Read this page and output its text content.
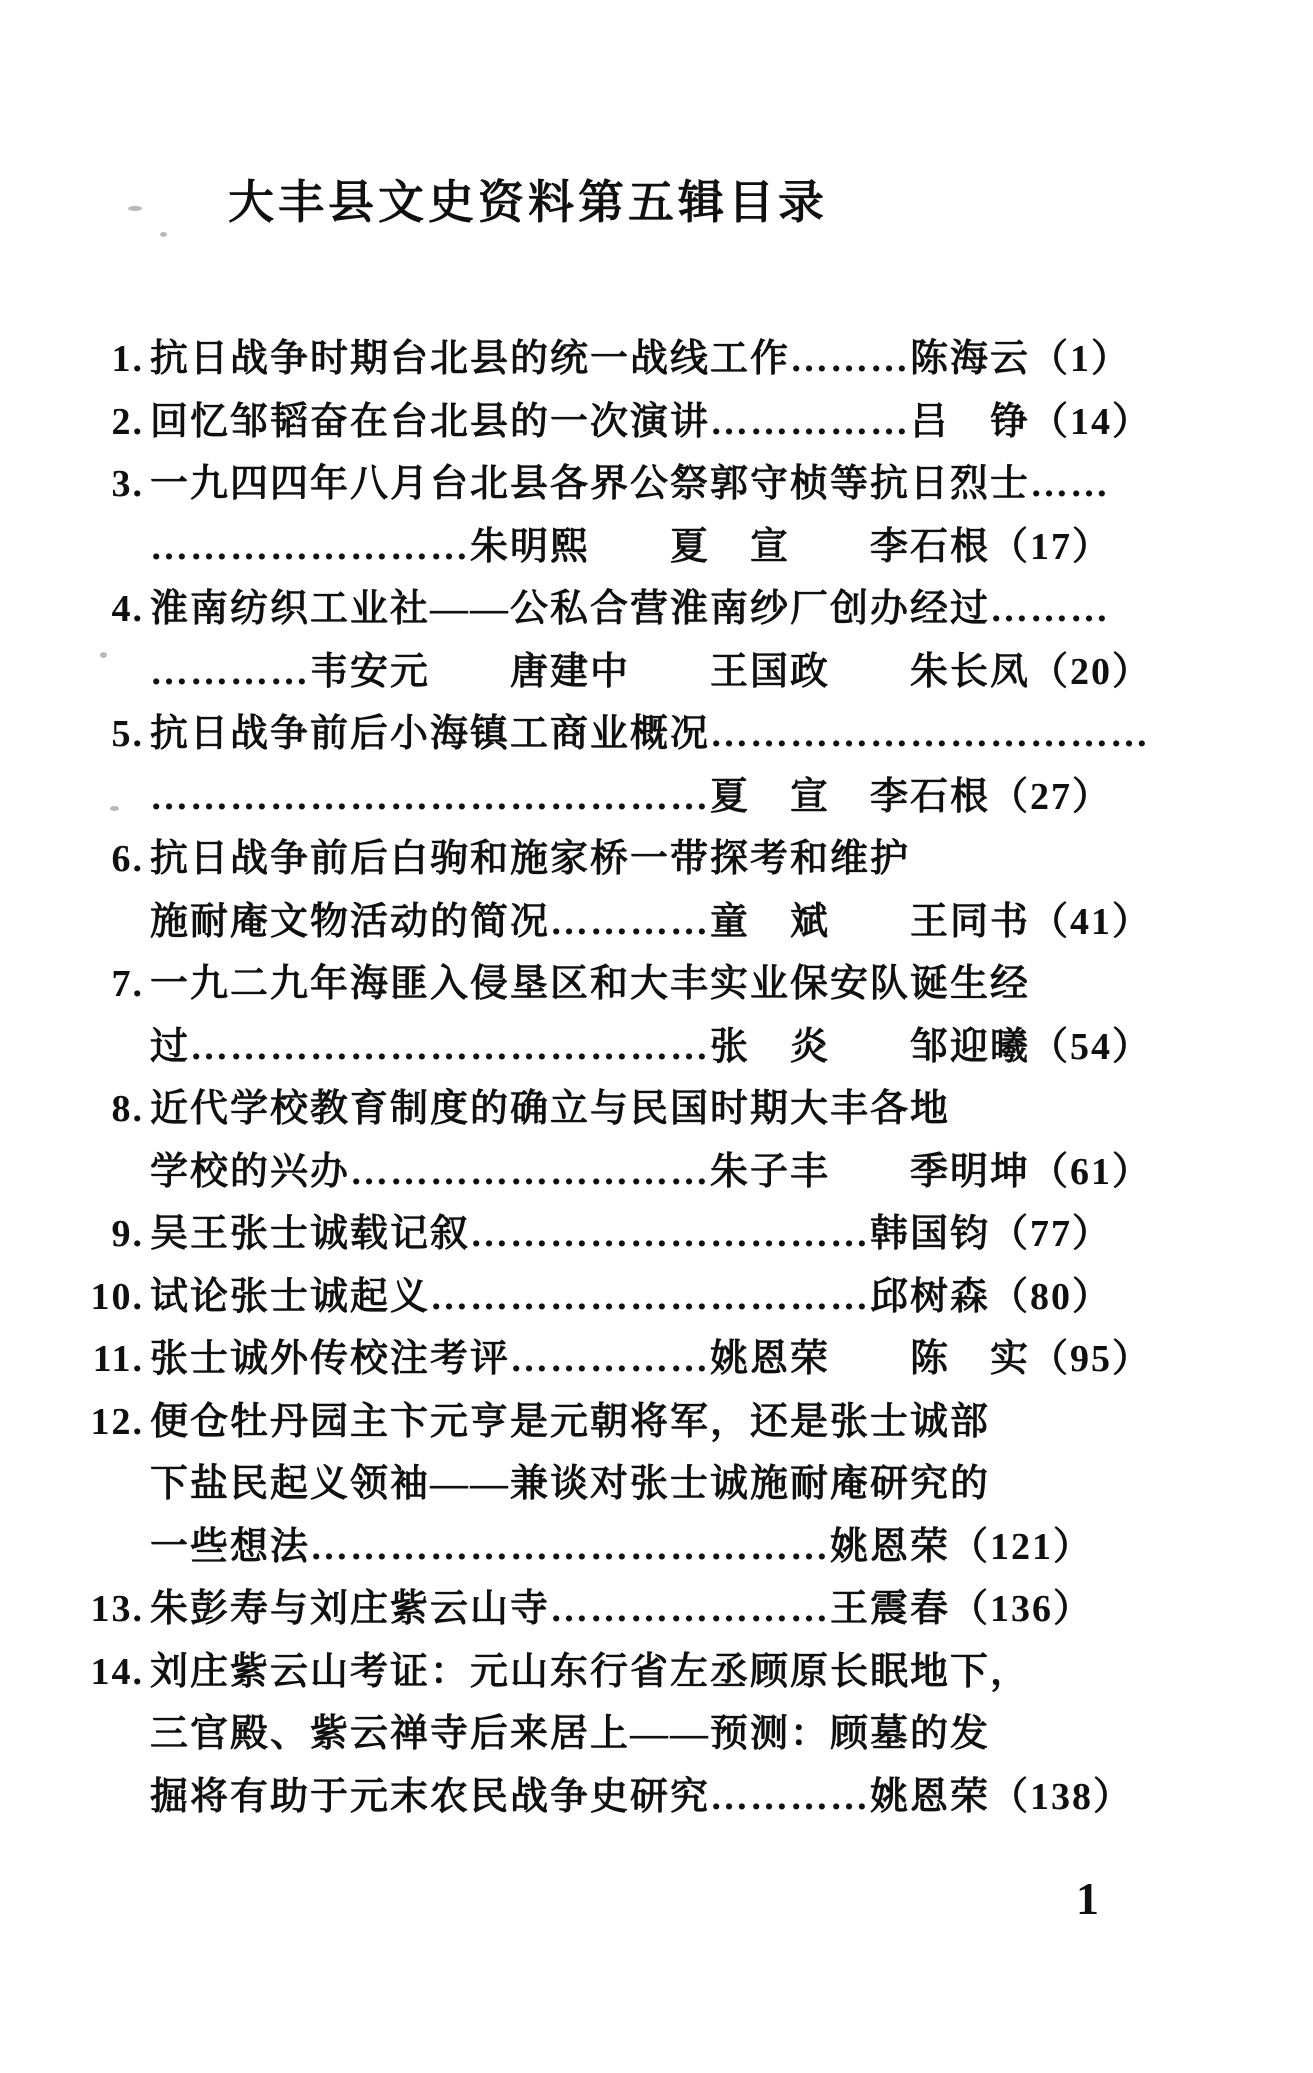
大丰县文史资料第五辑目录
1. 抗日战争时期台北县的统一战线工作………陈海云（1）
2. 回忆邹韬奋在台北县的一次演讲……………吕　铮（14）
3. 一九四四年八月台北县各界公祭郭守桢等抗日烈士……
……………………朱明熙　　夏　宣　　李石根（17）
4. 淮南纺织工业社——公私合营淮南纱厂创办经过………
…………韦安元　　唐建中　　王国政　　朱长凤（20）
5. 抗日战争前后小海镇工商业概况……………………………
……………………………………夏　宣　李石根（27）
6. 抗日战争前后白驹和施家桥一带探考和维护
施耐庵文物活动的简况…………童　斌　　王同书（41）
7. 一九二九年海匪入侵垦区和大丰实业保安队诞生经
过…………………………………张　炎　　邹迎曦（54）
8. 近代学校教育制度的确立与民国时期大丰各地
学校的兴办………………………朱子丰　　季明坤（61）
9. 吴王张士诚载记叙…………………………韩国钧（77）
10. 试论张士诚起义……………………………邱树森（80）
11. 张士诚外传校注考评……………姚恩荣　　陈　实（95）
12. 便仓牡丹园主卞元亨是元朝将军，还是张士诚部
下盐民起义领袖——兼谈对张士诚施耐庵研究的
一些想法…………………………………姚恩荣（121）
13. 朱彭寿与刘庄紫云山寺…………………王震春（136）
14. 刘庄紫云山考证：元山东行省左丞顾原长眠地下，
三官殿、紫云禅寺后来居上——预测：顾墓的发
掘将有助于元末农民战争史研究…………姚恩荣（138）
1
